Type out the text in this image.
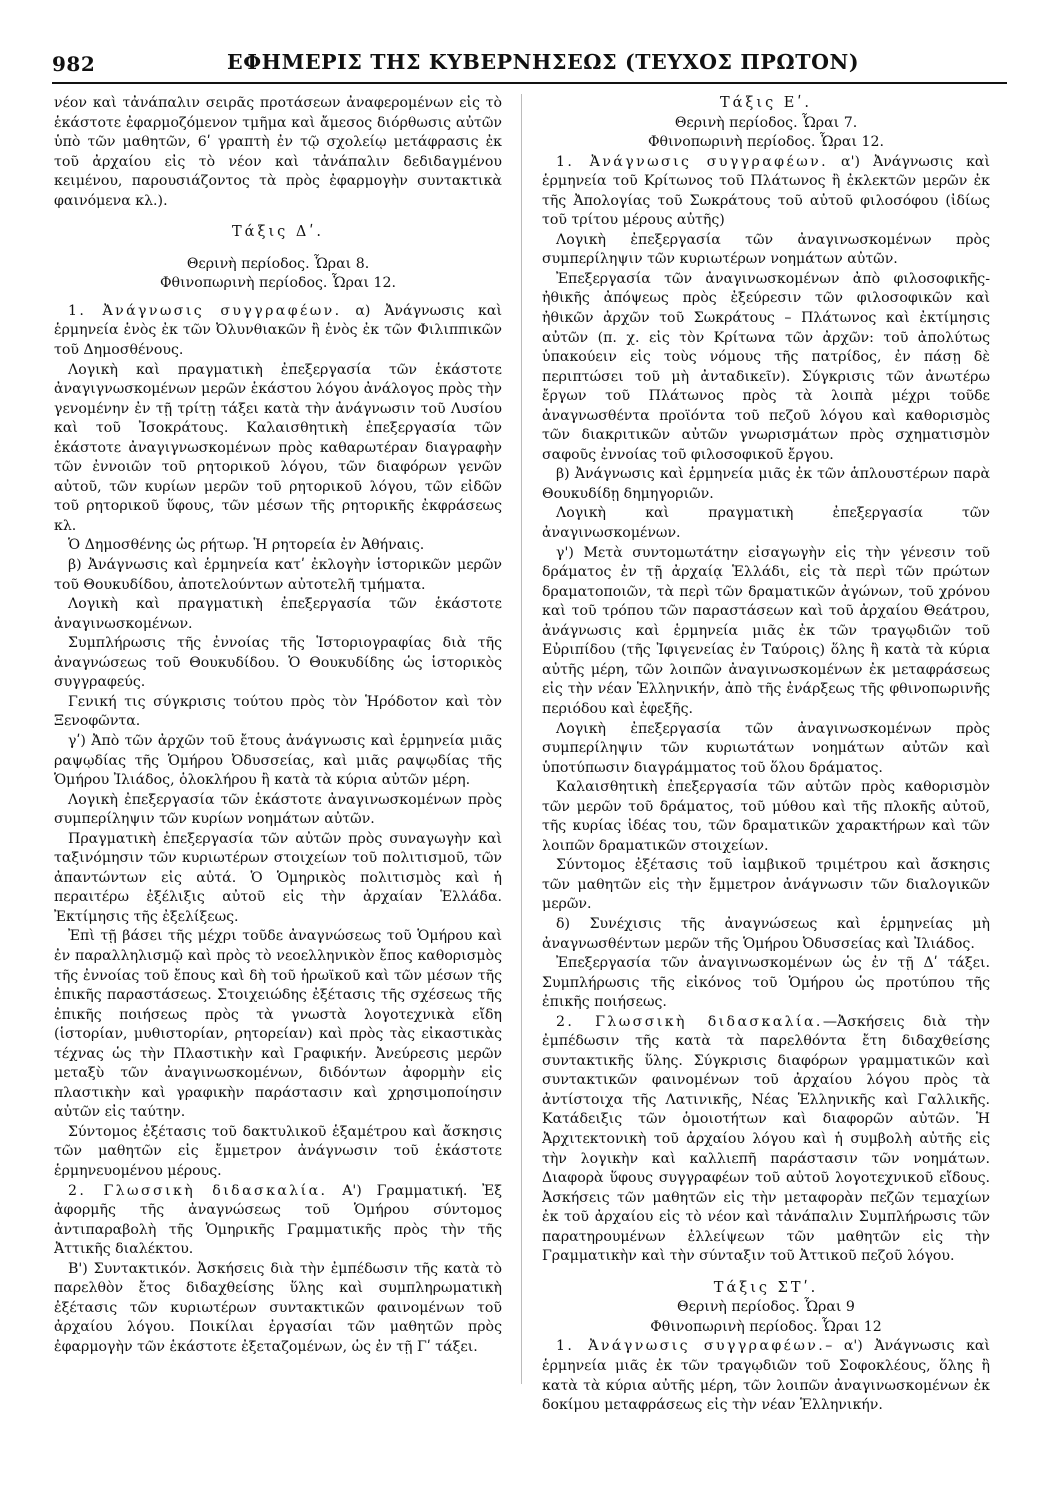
982	ΕΦΗΜΕΡΙΣ ΤΗΣ ΚΥΒΕΡΝΗΣΕΩΣ (ΤΕΥΧΟΣ ΠΡΩΤΟΝ)

νέον καὶ τἀνάπαλιν σειρᾶς προτάσεων ἀναφερομένων εἰς τὸ ἑκάστοτε ἐφαρμοζόμενον τμῆμα καὶ ἄμεσος διόρθωσις αὐτῶν ὑπὸ τῶν μαθητῶν, 6ʹ γραπτὴ ἐν τῷ σχολείῳ μετάφρασις ἐκ τοῦ ἀρχαίου εἰς τὸ νέον καὶ τἀνάπαλιν δεδιδαγμένου κειμένου, παρουσιάζοντος τὰ πρὸς ἐφαρμογὴν συντακτικὰ φαινόμενα κλ.).

Τάξις Δʹ.

Θερινὴ περίοδος. Ὧραι 8.

Φθινοπωρινὴ περίοδος. Ὧραι 12.

1. Ἀνάγνωσις συγγραφέων. α) Ἀνάγνωσις καὶ ἑρμηνεία ἑνὸς ἐκ τῶν Ὀλυνθιακῶν ἢ ἑνὸς ἐκ τῶν Φιλιππικῶν τοῦ Δημοσθένους.

Λογικὴ καὶ πραγματικὴ ἐπεξεργασία τῶν ἑκάστοτε ἀναγιγνωσκομένων μερῶν ἑκάστου λόγου ἀνάλογος πρὸς τὴν γενομένην ἐν τῇ τρίτῃ τάξει κατὰ τὴν ἀνάγνωσιν τοῦ Λυσίου καὶ τοῦ Ἰσοκράτους. Καλαισθητικὴ ἐπεξεργασία τῶν ἑκάστοτε ἀναγιγνωσκομένων πρὸς καθαρωτέραν διαγραφὴν τῶν ἐννοιῶν τοῦ ρητορικοῦ λόγου, τῶν διαφόρων γενῶν αὐτοῦ, τῶν κυρίων μερῶν τοῦ ρητορικοῦ λόγου, τῶν εἰδῶν τοῦ ρητορικοῦ ὕφους, τῶν μέσων τῆς ρητορικῆς ἐκφράσεως κλ.

Ὁ Δημοσθένης ὡς ρήτωρ. Ἡ ρητορεία ἐν Ἀθήναις.

β) Ἀνάγνωσις καὶ ἑρμηνεία κατʹ ἐκλογὴν ἱστορικῶν μερῶν τοῦ Θουκυδίδου, ἀποτελούντων αὐτοτελῆ τμήματα.

Λογικὴ καὶ πραγματικὴ ἐπεξεργασία τῶν ἑκάστοτε ἀναγινωσκομένων.

Συμπλήρωσις τῆς ἐννοίας τῆς Ἱστοριογραφίας διὰ τῆς ἀναγνώσεως τοῦ Θουκυδίδου. Ὁ Θουκυδίδης ὡς ἱστορικὸς συγγραφεύς.

Γενική τις σύγκρισις τούτου πρὸς τὸν Ἡρόδοτον καὶ τὸν Ξενοφῶντα.

γʹ) Ἀπὸ τῶν ἀρχῶν τοῦ ἔτους ἀνάγνωσις καὶ ἑρμηνεία μιᾶς ραψῳδίας τῆς Ὁμήρου Ὀδυσσείας, καὶ μιᾶς ραψῳδίας τῆς Ὁμήρου Ἰλιάδος, ὁλοκλήρου ἢ κατὰ τὰ κύρια αὐτῶν μέρη.

Λογικὴ ἐπεξεργασία τῶν ἑκάστοτε ἀναγινωσκομένων πρὸς συμπερίληψιν τῶν κυρίων νοημάτων αὐτῶν.

Πραγματικὴ ἐπεξεργασία τῶν αὐτῶν πρὸς συναγωγὴν καὶ ταξινόμησιν τῶν κυριωτέρων στοιχείων τοῦ πολιτισμοῦ, τῶν ἀπαντώντων εἰς αὐτά. Ὁ Ὁμηρικὸς πολιτισμὸς καὶ ἡ περαιτέρω ἐξέλιξις αὐτοῦ εἰς τὴν ἀρχαίαν Ἑλλάδα. Ἐκτίμησις τῆς ἐξελίξεως.

Ἐπὶ τῇ βάσει τῆς μέχρι τοῦδε ἀναγνώσεως τοῦ Ὁμήρου καὶ ἐν παραλληλισμῷ καὶ πρὸς τὸ νεοελληνικὸν ἔπος καθορισμὸς τῆς ἐννοίας τοῦ ἔπους καὶ δὴ τοῦ ἡρωϊκοῦ καὶ τῶν μέσων τῆς ἐπικῆς παραστάσεως. Στοιχειώδης ἐξέτασις τῆς σχέσεως τῆς ἐπικῆς ποιήσεως πρὸς τὰ γνωστὰ λογοτεχνικὰ εἴδη (ἱστορίαν, μυθιστορίαν, ρητορείαν) καὶ πρὸς τὰς εἰκαστικὰς τέχνας ὡς τὴν Πλαστικὴν καὶ Γραφικήν. Ἀνεύρεσις μερῶν μεταξὺ τῶν ἀναγινωσκομένων, διδόντων ἀφορμὴν εἰς πλαστικὴν καὶ γραφικὴν παράστασιν καὶ χρησιμοποίησιν αὐτῶν εἰς ταύτην.

Σύντομος ἐξέτασις τοῦ δακτυλικοῦ ἑξαμέτρου καὶ ἄσκησις τῶν μαθητῶν εἰς ἔμμετρον ἀνάγνωσιν τοῦ ἑκάστοτε ἑρμηνευομένου μέρους.

2. Γλωσσικὴ διδασκαλία. Α') Γραμματική. Ἐξ ἀφορμῆς τῆς ἀναγνώσεως τοῦ Ὁμήρου σύντομος ἀντιπαραβολὴ τῆς Ὁμηρικῆς Γραμματικῆς πρὸς τὴν τῆς Ἀττικῆς διαλέκτου.

Β') Συντακτικόν. Ἀσκήσεις διὰ τὴν ἐμπέδωσιν τῆς κατὰ τὸ παρελθὸν ἔτος διδαχθείσης ὕλης καὶ συμπληρωματικὴ ἐξέτασις τῶν κυριωτέρων συντακτικῶν φαινομένων τοῦ ἀρχαίου λόγου. Ποικίλαι ἐργασίαι τῶν μαθητῶν πρὸς ἐφαρμογὴν τῶν ἑκάστοτε ἐξεταζομένων, ὡς ἐν τῇ Γʹ τάξει.

Τάξις Εʹ.

Θερινὴ περίοδος. Ὧραι 7.

Φθινοπωρινὴ περίοδος. Ὧραι 12.

1. Ἀνάγνωσις συγγραφέων. α') Ἀνάγνωσις καὶ ἑρμηνεία τοῦ Κρίτωνος τοῦ Πλάτωνος ἢ ἐκλεκτῶν μερῶν ἐκ τῆς Ἀπολογίας τοῦ Σωκράτους τοῦ αὐτοῦ φιλοσόφου (ἰδίως τοῦ τρίτου μέρους αὐτῆς)

Λογικὴ ἐπεξεργασία τῶν ἀναγινωσκομένων πρὸς συμπερίληψιν τῶν κυριωτέρων νοημάτων αὐτῶν.

Ἐπεξεργασία τῶν ἀναγινωσκομένων ἀπὸ φιλοσοφικῆς-ἠθικῆς ἀπόψεως πρὸς ἐξεύρεσιν τῶν φιλοσοφικῶν καὶ ἠθικῶν ἀρχῶν τοῦ Σωκράτους – Πλάτωνος καὶ ἐκτίμησις αὐτῶν (π. χ. εἰς τὸν Κρίτωνα τῶν ἀρχῶν: τοῦ ἀπολύτως ὑπακούειν εἰς τοὺς νόμους τῆς πατρίδος, ἐν πάσῃ δὲ περιπτώσει τοῦ μὴ ἀνταδικεῖν). Σύγκρισις τῶν ἀνωτέρω ἔργων τοῦ Πλάτωνος πρὸς τὰ λοιπὰ μέχρι τοῦδε ἀναγνωσθέντα προϊόντα τοῦ πεζοῦ λόγου καὶ καθορισμὸς τῶν διακριτικῶν αὐτῶν γνωρισμάτων πρὸς σχηματισμὸν σαφοῦς ἐννοίας τοῦ φιλοσοφικοῦ ἔργου.

β) Ἀνάγνωσις καὶ ἑρμηνεία μιᾶς ἐκ τῶν ἁπλουστέρων παρὰ Θουκυδίδῃ δημηγοριῶν.

Λογικὴ καὶ πραγματικὴ ἐπεξεργασία τῶν ἀναγινωσκομένων.

γ') Μετὰ συντομωτάτην εἰσαγωγὴν εἰς τὴν γένεσιν τοῦ δράματος ἐν τῇ ἀρχαίᾳ Ἑλλάδι, εἰς τὰ περὶ τῶν πρώτων δραματοποιῶν, τὰ περὶ τῶν δραματικῶν ἀγώνων, τοῦ χρόνου καὶ τοῦ τρόπου τῶν παραστάσεων καὶ τοῦ ἀρχαίου Θεάτρου, ἀνάγνωσις καὶ ἑρμηνεία μιᾶς ἐκ τῶν τραγῳδιῶν τοῦ Εὐριπίδου (τῆς Ἰφιγενείας ἐν Ταύροις) ὅλης ἢ κατὰ τὰ κύρια αὐτῆς μέρη, τῶν λοιπῶν ἀναγινωσκομένων ἐκ μεταφράσεως εἰς τὴν νέαν Ἑλληνικήν, ἀπὸ τῆς ἐνάρξεως τῆς φθινοπωρινῆς περιόδου καὶ ἐφεξῆς.

Λογικὴ ἐπεξεργασία τῶν ἀναγινωσκομένων πρὸς συμπερίληψιν τῶν κυριωτάτων νοημάτων αὐτῶν καὶ ὑποτύπωσιν διαγράμματος τοῦ ὅλου δράματος.

Καλαισθητικὴ ἐπεξεργασία τῶν αὐτῶν πρὸς καθορισμὸν τῶν μερῶν τοῦ δράματος, τοῦ μύθου καὶ τῆς πλοκῆς αὐτοῦ, τῆς κυρίας ἰδέας του, τῶν δραματικῶν χαρακτήρων καὶ τῶν λοιπῶν δραματικῶν στοιχείων.

Σύντομος ἐξέτασις τοῦ ἰαμβικοῦ τριμέτρου καὶ ἄσκησις τῶν μαθητῶν εἰς τὴν ἔμμετρον ἀνάγνωσιν τῶν διαλογικῶν μερῶν.

δ) Συνέχισις τῆς ἀναγνώσεως καὶ ἑρμηνείας μὴ ἀναγνωσθέντων μερῶν τῆς Ὁμήρου Ὀδυσσείας καὶ Ἰλιάδος.

Ἐπεξεργασία τῶν ἀναγινωσκομένων ὡς ἐν τῇ Δʹ τάξει. Συμπλήρωσις τῆς εἰκόνος τοῦ Ὁμήρου ὡς προτύπου τῆς ἐπικῆς ποιήσεως.

2. Γλωσσικὴ διδασκαλία.—Ἀσκήσεις διὰ τὴν ἐμπέδωσιν τῆς κατὰ τὰ παρελθόντα ἔτη διδαχθείσης συντακτικῆς ὕλης. Σύγκρισις διαφόρων γραμματικῶν καὶ συντακτικῶν φαινομένων τοῦ ἀρχαίου λόγου πρὸς τὰ ἀντίστοιχα τῆς Λατινικῆς, Νέας Ἑλληνικῆς καὶ Γαλλικῆς. Κατάδειξις τῶν ὁμοιοτήτων καὶ διαφορῶν αὐτῶν. Ἡ Ἀρχιτεκτονικὴ τοῦ ἀρχαίου λόγου καὶ ἡ συμβολὴ αὐτῆς εἰς τὴν λογικὴν καὶ καλλιεπῆ παράστασιν τῶν νοημάτων. Διαφορὰ ὕφους συγγραφέων τοῦ αὐτοῦ λογοτεχνικοῦ εἴδους. Ἀσκήσεις τῶν μαθητῶν εἰς τὴν μεταφορὰν πεζῶν τεμαχίων ἐκ τοῦ ἀρχαίου εἰς τὸ νέον καὶ τἀνάπαλιν Συμπλήρωσις τῶν παρατηρουμένων ἐλλείψεων τῶν μαθητῶν εἰς τὴν Γραμματικὴν καὶ τὴν σύνταξιν τοῦ Ἀττικοῦ πεζοῦ λόγου.

Τάξις ΣΤʹ.

Θερινὴ περίοδος. Ὧραι 9

Φθινοπωρινὴ περίοδος. Ὧραι 12

1. Ἀνάγνωσις συγγραφέων.– α') Ἀνάγνωσις καὶ ἑρμηνεία μιᾶς ἐκ τῶν τραγῳδιῶν τοῦ Σοφοκλέους, ὅλης ἢ κατὰ τὰ κύρια αὐτῆς μέρη, τῶν λοιπῶν ἀναγινωσκομένων ἐκ δοκίμου μεταφράσεως εἰς τὴν νέαν Ἑλληνικήν.
